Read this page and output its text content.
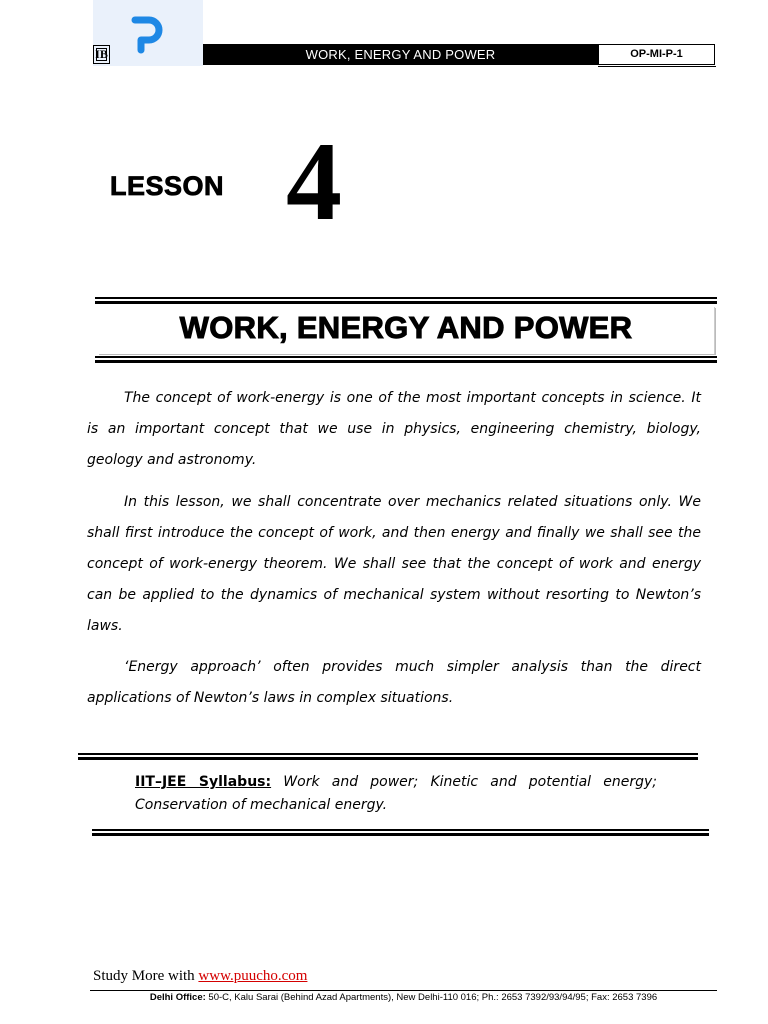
IB	WORK, ENERGY AND POWER	OP-MI-P-1
LESSON 4
WORK, ENERGY AND POWER
The concept of work-energy is one of the most important concepts in science. It is an important concept that we use in physics, engineering chemistry, biology, geology and astronomy.
In this lesson, we shall concentrate over mechanics related situations only. We shall first introduce the concept of work, and then energy and finally we shall see the concept of work-energy theorem. We shall see that the concept of work and energy can be applied to the dynamics of mechanical system without resorting to Newton’s laws.
‘Energy approach’ often provides much simpler analysis than the direct applications of Newton’s laws in complex situations.
IIT–JEE Syllabus: Work and power; Kinetic and potential energy; Conservation of mechanical energy.
Study More with www.puucho.com
Delhi Office: 50-C, Kalu Sarai (Behind Azad Apartments), New Delhi-110 016; Ph.: 2653 7392/93/94/95; Fax: 2653 7396
